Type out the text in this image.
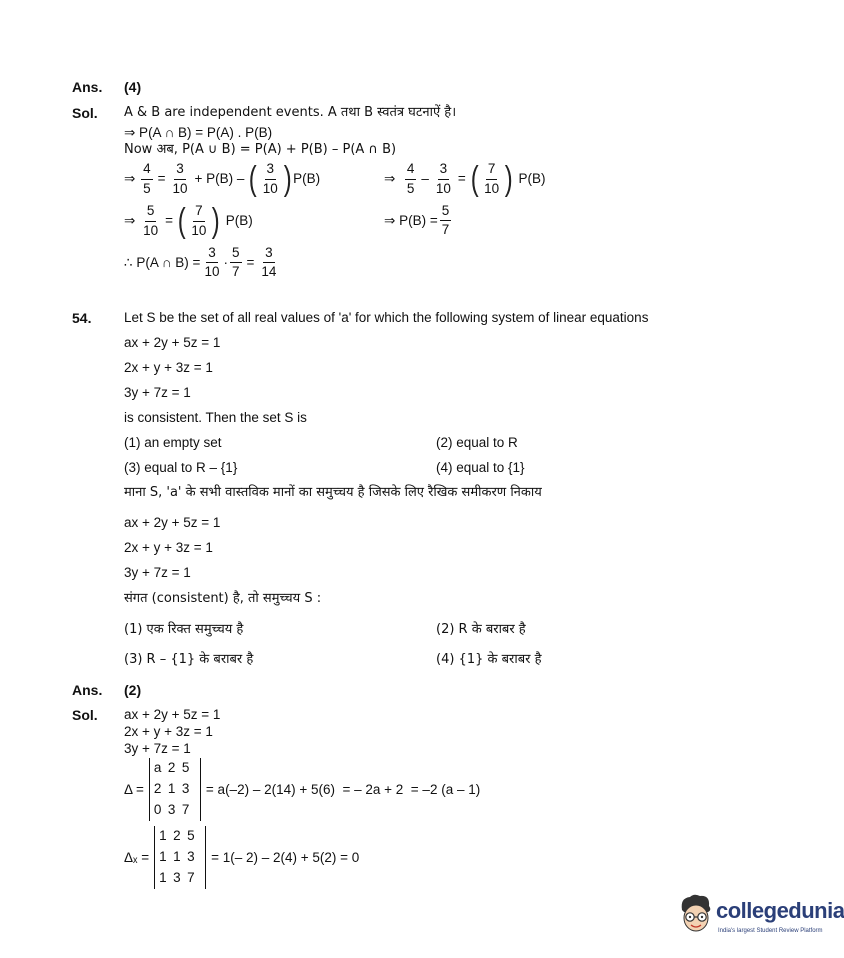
Ans. (4)
Sol. A & B are independent events. A तथा B स्वतंत्र घटनाऐं है।
⇒ P(A ∩ B) = P(A) . P(B)
Now अब, P(A ∪ B) = P(A) + P(B) – P(A ∩ B)
⇒
$\frac{4}{5} = \frac{3}{10} + P(B)$ – ( $\frac{3}{10}$ ) P(B)	⇒
$\frac{4}{5} - \frac{3}{10}$ = ( $\frac{7}{10}$ ) P(B)
⇒
$\frac{5}{10}$ = ( $\frac{7}{10}$ ) P(B)	⇒
$P(B) = \frac{5}{7}$
∴ P(A ∩ $B) = \frac{3}{10} \cdot \frac{5}{7} = \frac{3}{14}$
54. Let S be the set of all real values of 'a' for which the following system of linear equations
ax + 2y + 5z = 1
2x + y + 3z = 1
3y + 7z = 1
is consistent. Then the set S is
(1) an empty set	(2) equal to R
(3) equal to R – {1}	(4) equal to {1}
माना S, 'a' के सभी वास्तविक मानों का समुच्चय है जिसके लिए रैखिक समीकरण निकाय
ax + 2y + 5z = 1
2x + y + 3z = 1
3y + 7z = 1
संगत (consistent) है, तो समुच्चय S :
(1) एक रिक्त समुच्चय है	(2) R के बराबर है
(3) R – {1} के बराबर है	(4) {1} के बराबर है
Ans. (2)
Sol. ax + 2y + 5z = 1
2x + y + 3z = 1
3y + 7z = 1
Δ =
a 2 5
2 1 3
0 3 7
= a(–2) – 2(14) + 5(6)  = – 2a + 2  = –2 (a – 1)
Δₓ =
1 2 5
1 1 3
1 3 7
= 1(– 2) – 2(4) + 5(2) = 0
collegedunia
India's largest Student Review Platform
